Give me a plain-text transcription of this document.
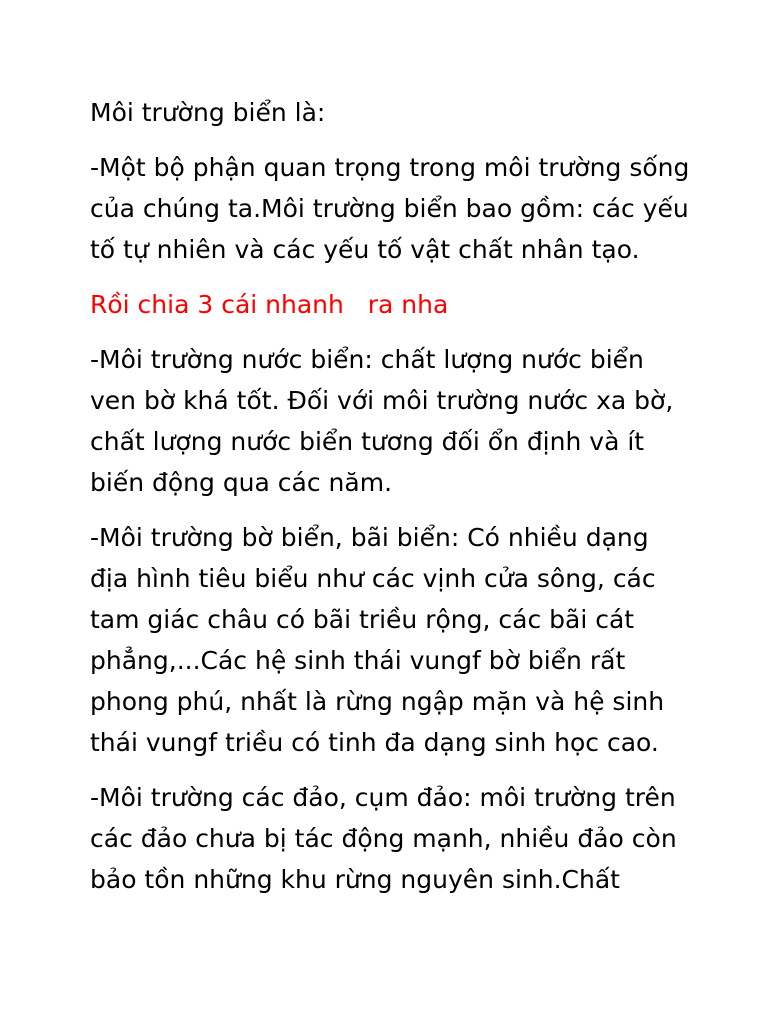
Môi trường biển là:

-Một bộ phận quan trọng trong môi trường sống của chúng ta.Môi trường biển bao gồm: các yếu tố tự nhiên và các yếu tố vật chất nhân tạo.

Rồi chia 3 cái nhanh   ra nha

-Môi trường nước biển: chất lượng nước biển ven bờ khá tốt. Đối với môi trường nước xa bờ, chất lượng nước biển tương đối ổn định và ít biến động qua các năm.

-Môi trường bờ biển, bãi biển: Có nhiều dạng địa hình tiêu biểu như các vịnh cửa sông, các tam giác châu có bãi triều rộng, các bãi cát phẳng,...Các hệ sinh thái vungf bờ biển rất phong phú, nhất là rừng ngập mặn và hệ sinh thái vungf triều có tinh đa dạng sinh học cao.

-Môi trường các đảo, cụm đảo: môi trường trên các đảo chưa bị tác động mạnh, nhiều đảo còn bảo tồn những khu rừng nguyên sinh.Chất
